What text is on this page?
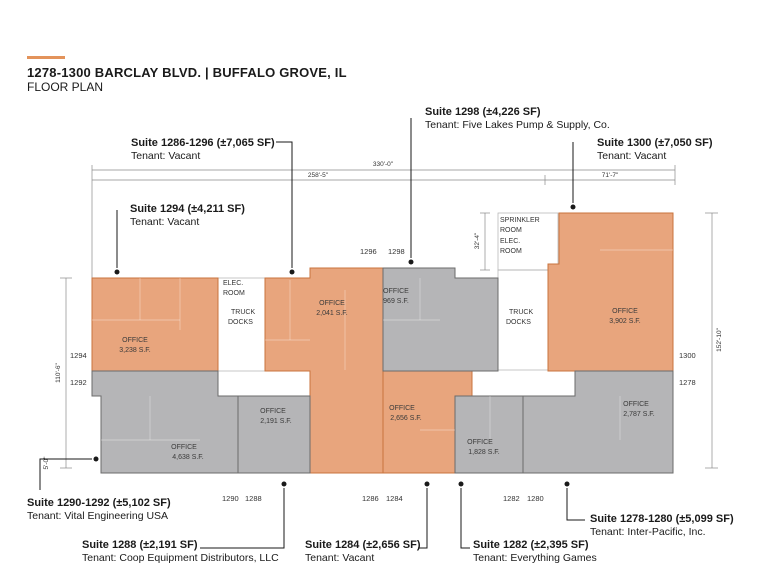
1278-1300 BARCLAY BLVD. | BUFFALO GROVE, IL
FLOOR PLAN
330'-0"
258'-5"	71'-7"
152'-10"
110'-6"
5'-0"
32'-4"
SPRINKLER
ROOM
ELEC.
ROOM
ELEC.
ROOM
TRUCK
DOCKS
TRUCK
DOCKS
OFFICE
3,238 S.F.
OFFICE
2,041 S.F.
OFFICE
969 S.F.
OFFICE
3,902 S.F.
OFFICE
4,638 S.F.
OFFICE
2,191 S.F.
OFFICE
2,656 S.F.
OFFICE
1,828 S.F.
OFFICE
2,787 S.F.
1296 1298
1294
1292
1300
1278
1290 1288	1286 1284	1282 1280
Suite 1298 (±4,226 SF)
Tenant: Five Lakes Pump & Supply, Co.
Suite 1286-1296 (±7,065 SF)
Tenant: Vacant
Suite 1300 (±7,050 SF)
Tenant: Vacant
Suite 1294 (±4,211 SF)
Tenant: Vacant
Suite 1290-1292 (±5,102 SF)
Tenant: Vital Engineering USA
Suite 1288 (±2,191 SF)
Tenant: Coop Equipment Distributors, LLC
Suite 1284 (±2,656 SF)
Tenant: Vacant
Suite 1282 (±2,395 SF)
Tenant: Everything Games
Suite 1278-1280 (±5,099 SF)
Tenant: Inter-Pacific, Inc.
